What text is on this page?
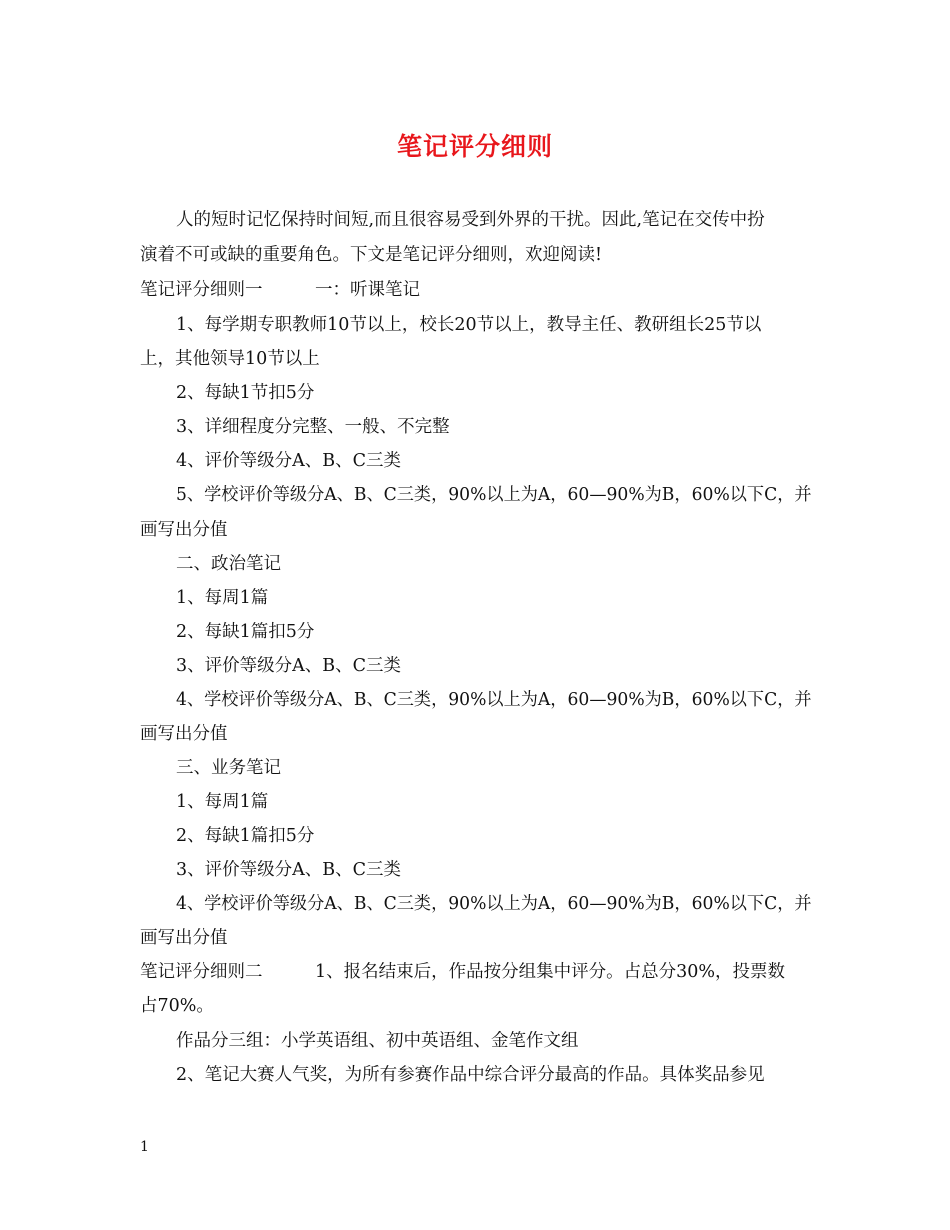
笔记评分细则
人的短时记忆保持时间短,而且很容易受到外界的干扰。因此,笔记在交传中扮
演着不可或缺的重要角色。下文是笔记评分细则，欢迎阅读!
笔记评分细则一　　　一：听课笔记
1、每学期专职教师10节以上，校长20节以上，教导主任、教研组长25节以
上，其他领导10节以上
2、每缺1节扣5分
3、详细程度分完整、一般、不完整
4、评价等级分A、B、C三类
5、学校评价等级分A、B、C三类，90%以上为A，60—90%为B，60%以下C，并
画写出分值
二、政治笔记
1、每周1篇
2、每缺1篇扣5分
3、评价等级分A、B、C三类
4、学校评价等级分A、B、C三类，90%以上为A，60—90%为B，60%以下C，并
画写出分值
三、业务笔记
1、每周1篇
2、每缺1篇扣5分
3、评价等级分A、B、C三类
4、学校评价等级分A、B、C三类，90%以上为A，60—90%为B，60%以下C，并
画写出分值
笔记评分细则二　　　1、报名结束后，作品按分组集中评分。占总分30%，投票数
占70%。
作品分三组：小学英语组、初中英语组、金笔作文组
2、笔记大赛人气奖，为所有参赛作品中综合评分最高的作品。具体奖品参见
1
